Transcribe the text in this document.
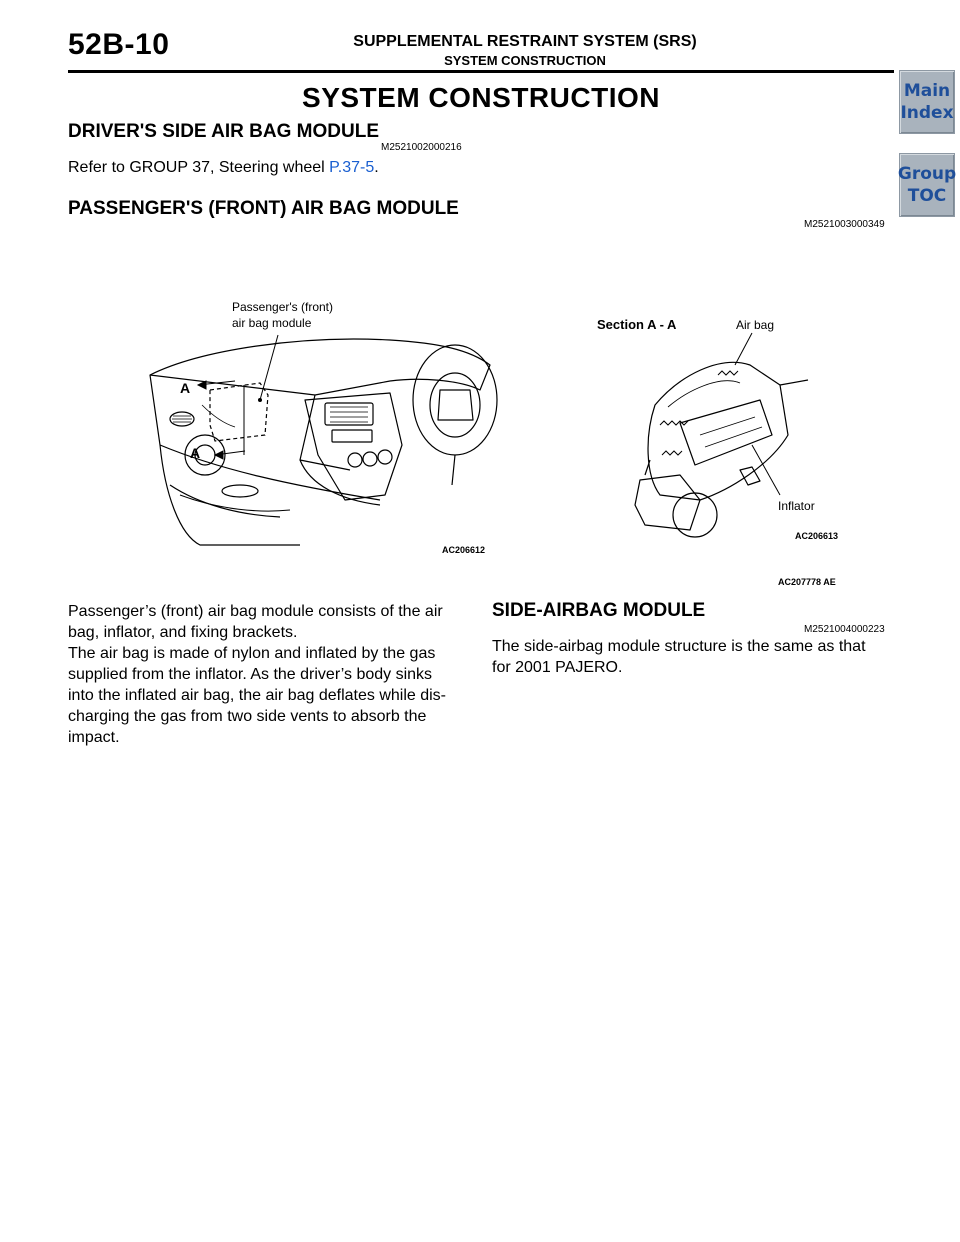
52B-10	SUPPLEMENTAL RESTRAINT SYSTEM (SRS)
SYSTEM CONSTRUCTION
Main
Index
Group
TOC
SYSTEM CONSTRUCTION
DRIVER'S SIDE AIR BAG MODULE
M2521002000216
Refer to GROUP 37, Steering wheel P.37-5.
PASSENGER'S (FRONT) AIR BAG MODULE
M2521003000349
Passenger's (front)
air bag module
A
A
Section A - A	Air bag
Inflator
AC206612
AC206613
AC207778 AE
Passenger’s (front) air bag module consists of the air
bag, inflator, and fixing brackets.
The air bag is made of nylon and inflated by the gas
supplied from the inflator. As the driver’s body sinks
into the inflated air bag, the air bag deflates while dis-
charging the gas from two side vents to absorb the
impact.
SIDE-AIRBAG MODULE
M2521004000223
The side-airbag module structure is the same as that
for 2001 PAJERO.
